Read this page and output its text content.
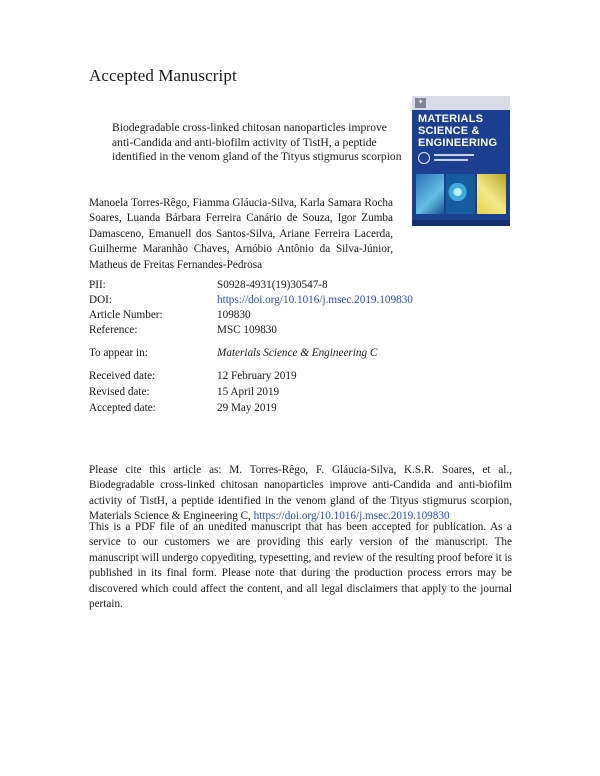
Accepted Manuscript
Biodegradable cross-linked chitosan nanoparticles improve anti-Candida and anti-biofilm activity of TistH, a peptide identified in the venom gland of the Tityus stigmurus scorpion
✦
MATERIALS
SCIENCE &
ENGINEERING
Manoela Torres-Rêgo, Fiamma Gláucia-Silva, Karla Samara Rocha Soares, Luanda Bárbara Ferreira Canário de Souza, Igor Zumba Damasceno, Emanuell dos Santos-Silva, Ariane Ferreira Lacerda, Guilherme Maranhão Chaves, Arnóbio Antônio da Silva-Júnior, Matheus de Freitas Fernandes-Pedrosa
PII:	S0928-4931(19)30547-8
DOI:	https://doi.org/10.1016/j.msec.2019.109830
Article Number:	109830
Reference:	MSC 109830
To appear in:	Materials Science & Engineering C
Received date:	12 February 2019
Revised date:	15 April 2019
Accepted date:	29 May 2019
Please cite this article as: M. Torres-Rêgo, F. Gláucia-Silva, K.S.R. Soares, et al., Biodegradable cross-linked chitosan nanoparticles improve anti-Candida and anti-biofilm activity of TistH, a peptide identified in the venom gland of the Tityus stigmurus scorpion, Materials Science & Engineering C, https://doi.org/10.1016/j.msec.2019.109830
This is a PDF file of an unedited manuscript that has been accepted for publication. As a service to our customers we are providing this early version of the manuscript. The manuscript will undergo copyediting, typesetting, and review of the resulting proof before it is published in its final form. Please note that during the production process errors may be discovered which could affect the content, and all legal disclaimers that apply to the journal pertain.
